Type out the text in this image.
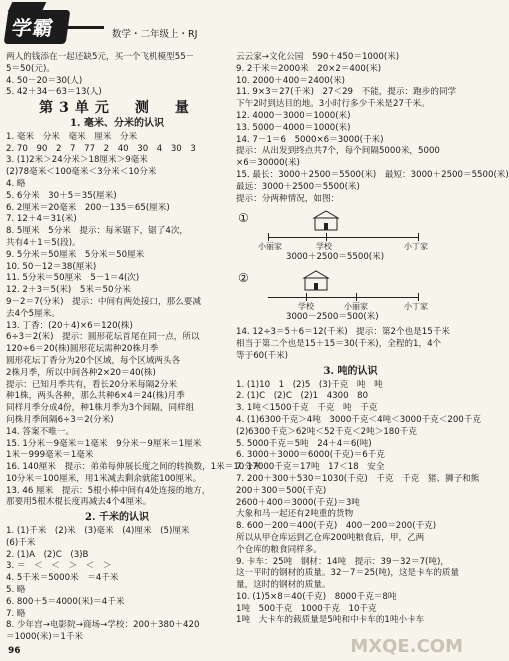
学霸	数学・二年级上・RJ
两人的钱添在一起还缺5元，买一个飞机模型55－
5＝50(元)。
4. 50－20＝30(人)
5. 42＋34－63＝13(人)
第3单元　测　量
1. 毫米、分米的认识
1. 毫米　分米　毫米　厘米　分米
2. 70　90　2　7　77　2　40　30　4　30　3
3. (1)2米＞24分米＞18厘米＞9毫米
(2)78毫米＜100毫米＜3分米＜10分米
4. 略
5. 6分米　30＋5＝35(厘米)
6. 2厘米＝20毫米　200－135＝65(厘米)
7. 12＋4＝31(米)
8. 5厘米　5分米　提示：每米锯下，锯了4次，
共有4＋1＝5(段)。
9. 5分米＝50厘米　5分米＝50厘米
10. 50－12＝38(厘米)
11. 5分米＝50厘米　5－1＝4(次)
12. 2＋3＝5(米)　5米＝50分米
9－2＝7(分米)　提示：中间有两处接口，那么要减
去4个5厘米。
13. 丁香：(20＋4)×6＝120(株)
6÷3＝2(米)　提示：圆形花坛首尾在同一点，所以
120÷6＝20(株)圆形花坛需种20株月季
圆形花坛丁香分为20个区域，每个区域两头各
2株月季，所以中间各种2×20＝40(株)
提示：已知月季共有，看长20分米每隔2分米
种1株，两头各种，那么共种6×4＝24(株)月季
同样月季分成4份，种1株月季为3个间隔，同样组
问株月季间隔6÷3＝2(分米)
14. 答案不唯一。
15. 1分米－9毫米＝1毫米　9分米－9厘米＝1厘米
1米－999毫米＝1毫米
16. 140厘米　提示：弟弟每伸展长度之间的转换数，1米＝10分米
10分米＝100厘米，用1米减去剩余就能100厘米。
13. 46 厘米　提示：5根小棒中间有4处连接的地方，
那要用5根木棍长度再减去4个4厘米。
2. 千米的认识
1. (1)千米　(2)米　(3)毫米　(4)厘米　(5)厘米
(6)千米
2. (1)A　(2)C　(3)B
3. ＝　＜　＜　＞　＜　＞
4. 5千米＝5000米　＝4千米
5. 略
6. 800＋5＝4000(米)＝4千米
7. 略
8. 少年宫→电影院→商场→学校：200＋380＋420
＝1000(米)＝1千米
云云家→文化公园　590＋450＝1000(米)
9. 2千米＝2000米　20×2＝400(米)
10. 2000＋400＝2400(米)
11. 9×3＝27(千米)　27＜29　不能，提示：跑步的同学
下午2时到达目的地。3小时行多少千米是27千米。
12. 4000－3000＝1000(米)
13. 5000－4000＝1000(米)
14. 7－1＝6　5000×6＝3000(千米)
提示：从出发到终点共7个，每个间隔5000米，5000
×6＝30000(米)
15. 最长：3000＋2500＝5500(米)　最短：3000＋2500＝5500(米)
最远：3000＋2500＝5500(米)
提示：分两种情况，如图：
①
小丽家	学校	小丁家
3000＋2500＝5500(米)
②
学校	小丽家	小丁家
3000－2500＝500(米)
14. 12÷3＝5＋6＝12(千米)　提示：第2个也是15千米
相当于第二个也是15＋15＝30(千米)，全程的1，4个
等于60(千米)
3. 吨的认识
1. (1)10　1　(2)5　(3)千克　吨　吨
2. (1)C　(2)C　(2)1　4300　80
3. 1吨＜1500千克　千克　吨　千克
4. (1)6300千克＞4吨　3000千克＜4吨＜3000千克＜200千克
(2)6300千克＞62吨＜52千克＜2吨＞180千克
5. 5000千克＝5吨　24＋4＝6(吨)
6. 3000＋3000＝6000(千克)＝6千克
7. 17000千克＝17吨　17＜18　安全
7. 200＋300＋530＝1030(千克)　千克　千克　猪、狮子和熊
200＋300＝500(千克)
2600＋400＝3000(千克)＝3吨
大象和马一起还有2吨重的货物
8. 600－200＝400(千克)　400－200＝200(千克)
所以从甲仓库运到乙仓库200吨粮食后，甲，乙两
个仓库的粮食同样多。
9. 卡车：25吨　钢材：14吨　提示：39－32＝7(吨)，
这一平时的钢材的质量。32－7＝25(吨)，这是卡车的质量
量，这时的钢材的质量。
10. (1)5×8＝40(千克)　8000千克＝8吨
1吨　500千克　1000千克　10千克
1吨　大卡车的载质量是5吨和中卡车的1吨小卡车
96	MXQE.COM
